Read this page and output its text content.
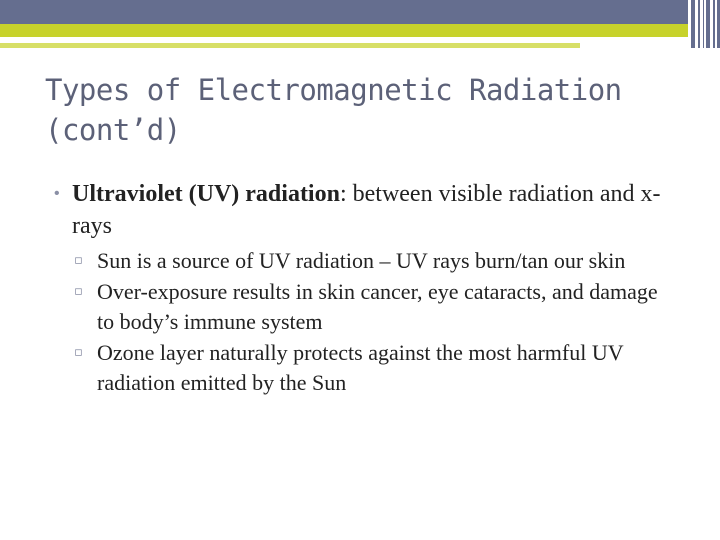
Types of Electromagnetic Radiation (cont’d)
• Ultraviolet (UV) radiation: between visible radiation and x-rays
▫ Sun is a source of UV radiation – UV rays burn/tan our skin
▫ Over-exposure results in skin cancer, eye cataracts, and damage to body’s immune system
▫ Ozone layer naturally protects against the most harmful UV radiation emitted by the Sun
